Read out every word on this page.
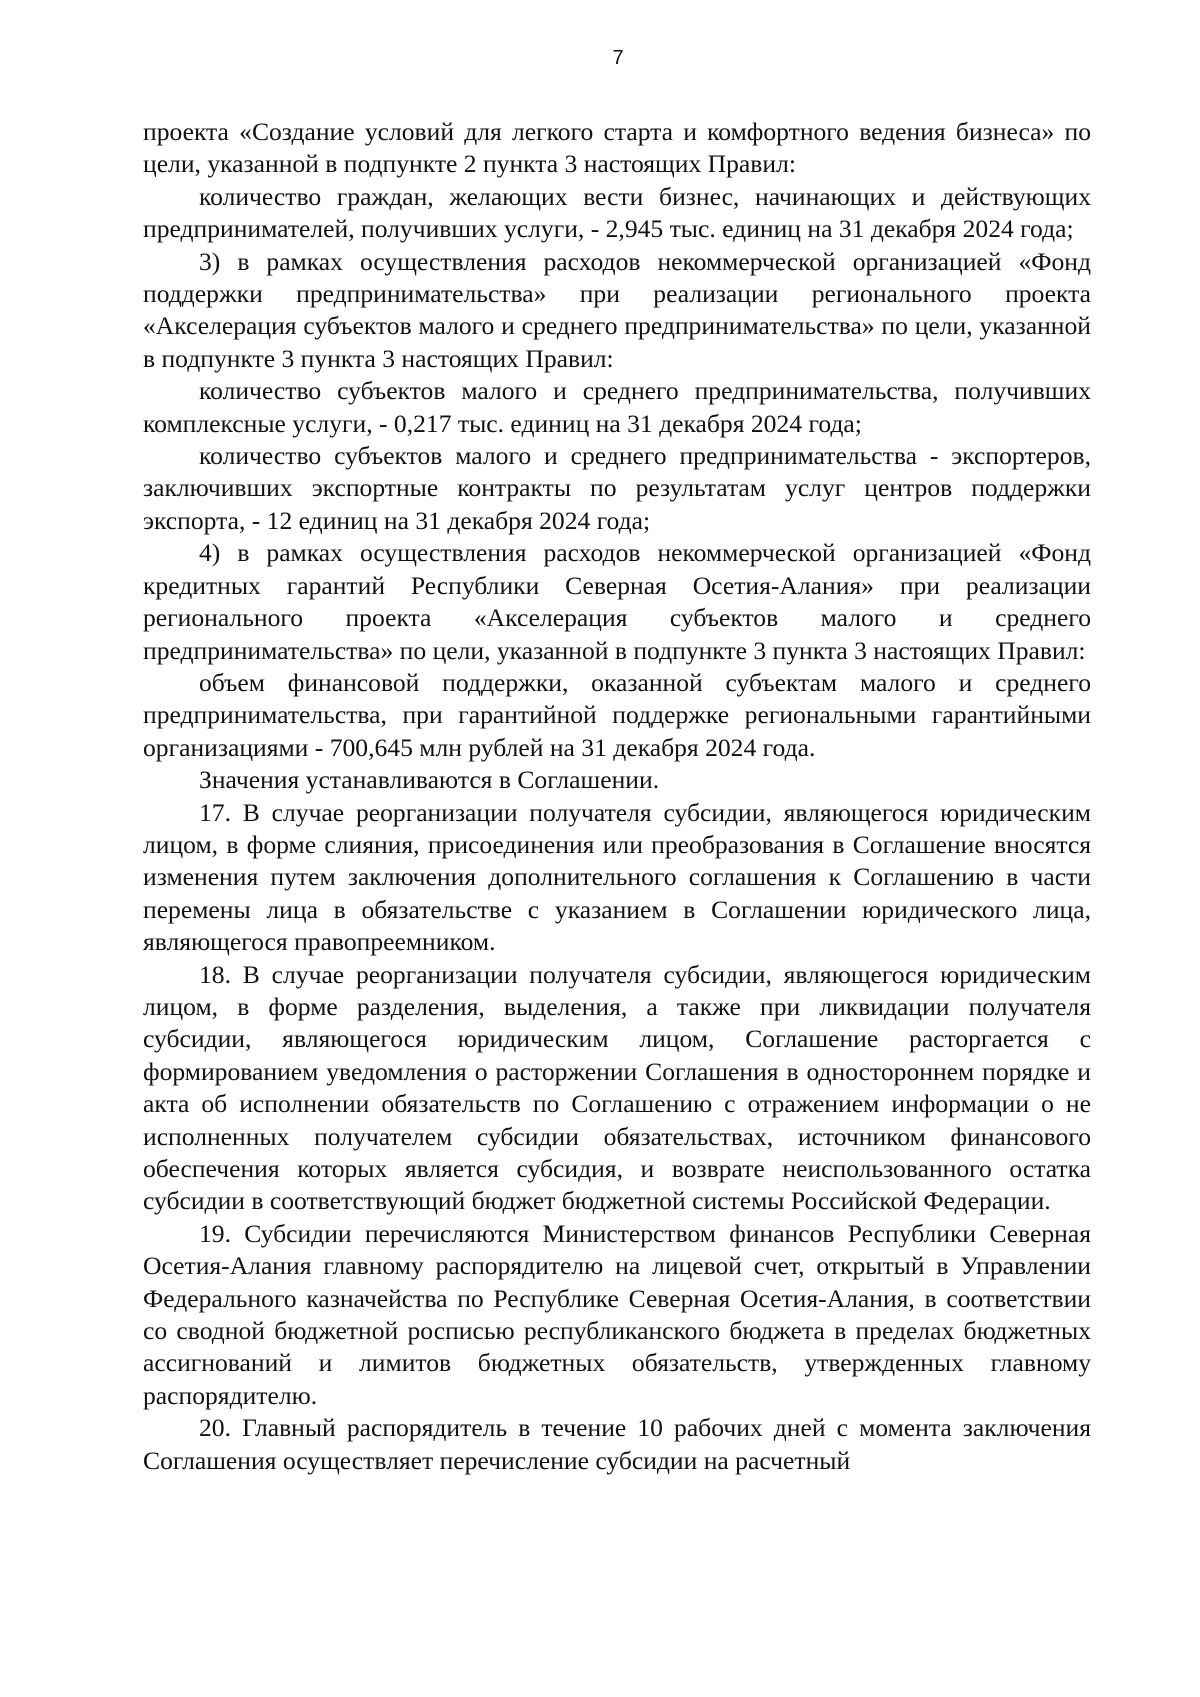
7

проекта «Создание условий для легкого старта и комфортного ведения бизнеса» по цели, указанной в подпункте 2 пункта 3 настоящих Правил:

количество граждан, желающих вести бизнес, начинающих и действующих предпринимателей, получивших услуги, - 2,945 тыс. единиц на 31 декабря 2024 года;

3) в рамках осуществления расходов некоммерческой организацией «Фонд поддержки предпринимательства» при реализации регионального проекта «Акселерация субъектов малого и среднего предпринимательства» по цели, указанной в подпункте 3 пункта 3 настоящих Правил:

количество субъектов малого и среднего предпринимательства, получивших комплексные услуги, - 0,217 тыс. единиц на 31 декабря 2024 года;

количество субъектов малого и среднего предпринимательства - экспортеров, заключивших экспортные контракты по результатам услуг центров поддержки экспорта, - 12 единиц на 31 декабря 2024 года;

4) в рамках осуществления расходов некоммерческой организацией «Фонд кредитных гарантий Республики Северная Осетия-Алания» при реализации регионального проекта «Акселерация субъектов малого и среднего предпринимательства» по цели, указанной в подпункте 3 пункта 3 настоящих Правил:

объем финансовой поддержки, оказанной субъектам малого и среднего предпринимательства, при гарантийной поддержке региональными гарантийными организациями - 700,645 млн рублей на 31 декабря 2024 года.

Значения устанавливаются в Соглашении.

17. В случае реорганизации получателя субсидии, являющегося юридическим лицом, в форме слияния, присоединения или преобразования в Соглашение вносятся изменения путем заключения дополнительного соглашения к Соглашению в части перемены лица в обязательстве с указанием в Соглашении юридического лица, являющегося правопреемником.

18. В случае реорганизации получателя субсидии, являющегося юридическим лицом, в форме разделения, выделения, а также при ликвидации получателя субсидии, являющегося юридическим лицом, Соглашение расторгается с формированием уведомления о расторжении Соглашения в одностороннем порядке и акта об исполнении обязательств по Соглашению с отражением информации о не исполненных получателем субсидии обязательствах, источником финансового обеспечения которых является субсидия, и возврате неиспользованного остатка субсидии в соответствующий бюджет бюджетной системы Российской Федерации.

19. Субсидии перечисляются Министерством финансов Республики Северная Осетия-Алания главному распорядителю на лицевой счет, открытый в Управлении Федерального казначейства по Республике Северная Осетия-Алания, в соответствии со сводной бюджетной росписью республиканского бюджета в пределах бюджетных ассигнований и лимитов бюджетных обязательств, утвержденных главному распорядителю.

20. Главный распорядитель в течение 10 рабочих дней с момента заключения Соглашения осуществляет перечисление субсидии на расчетный
